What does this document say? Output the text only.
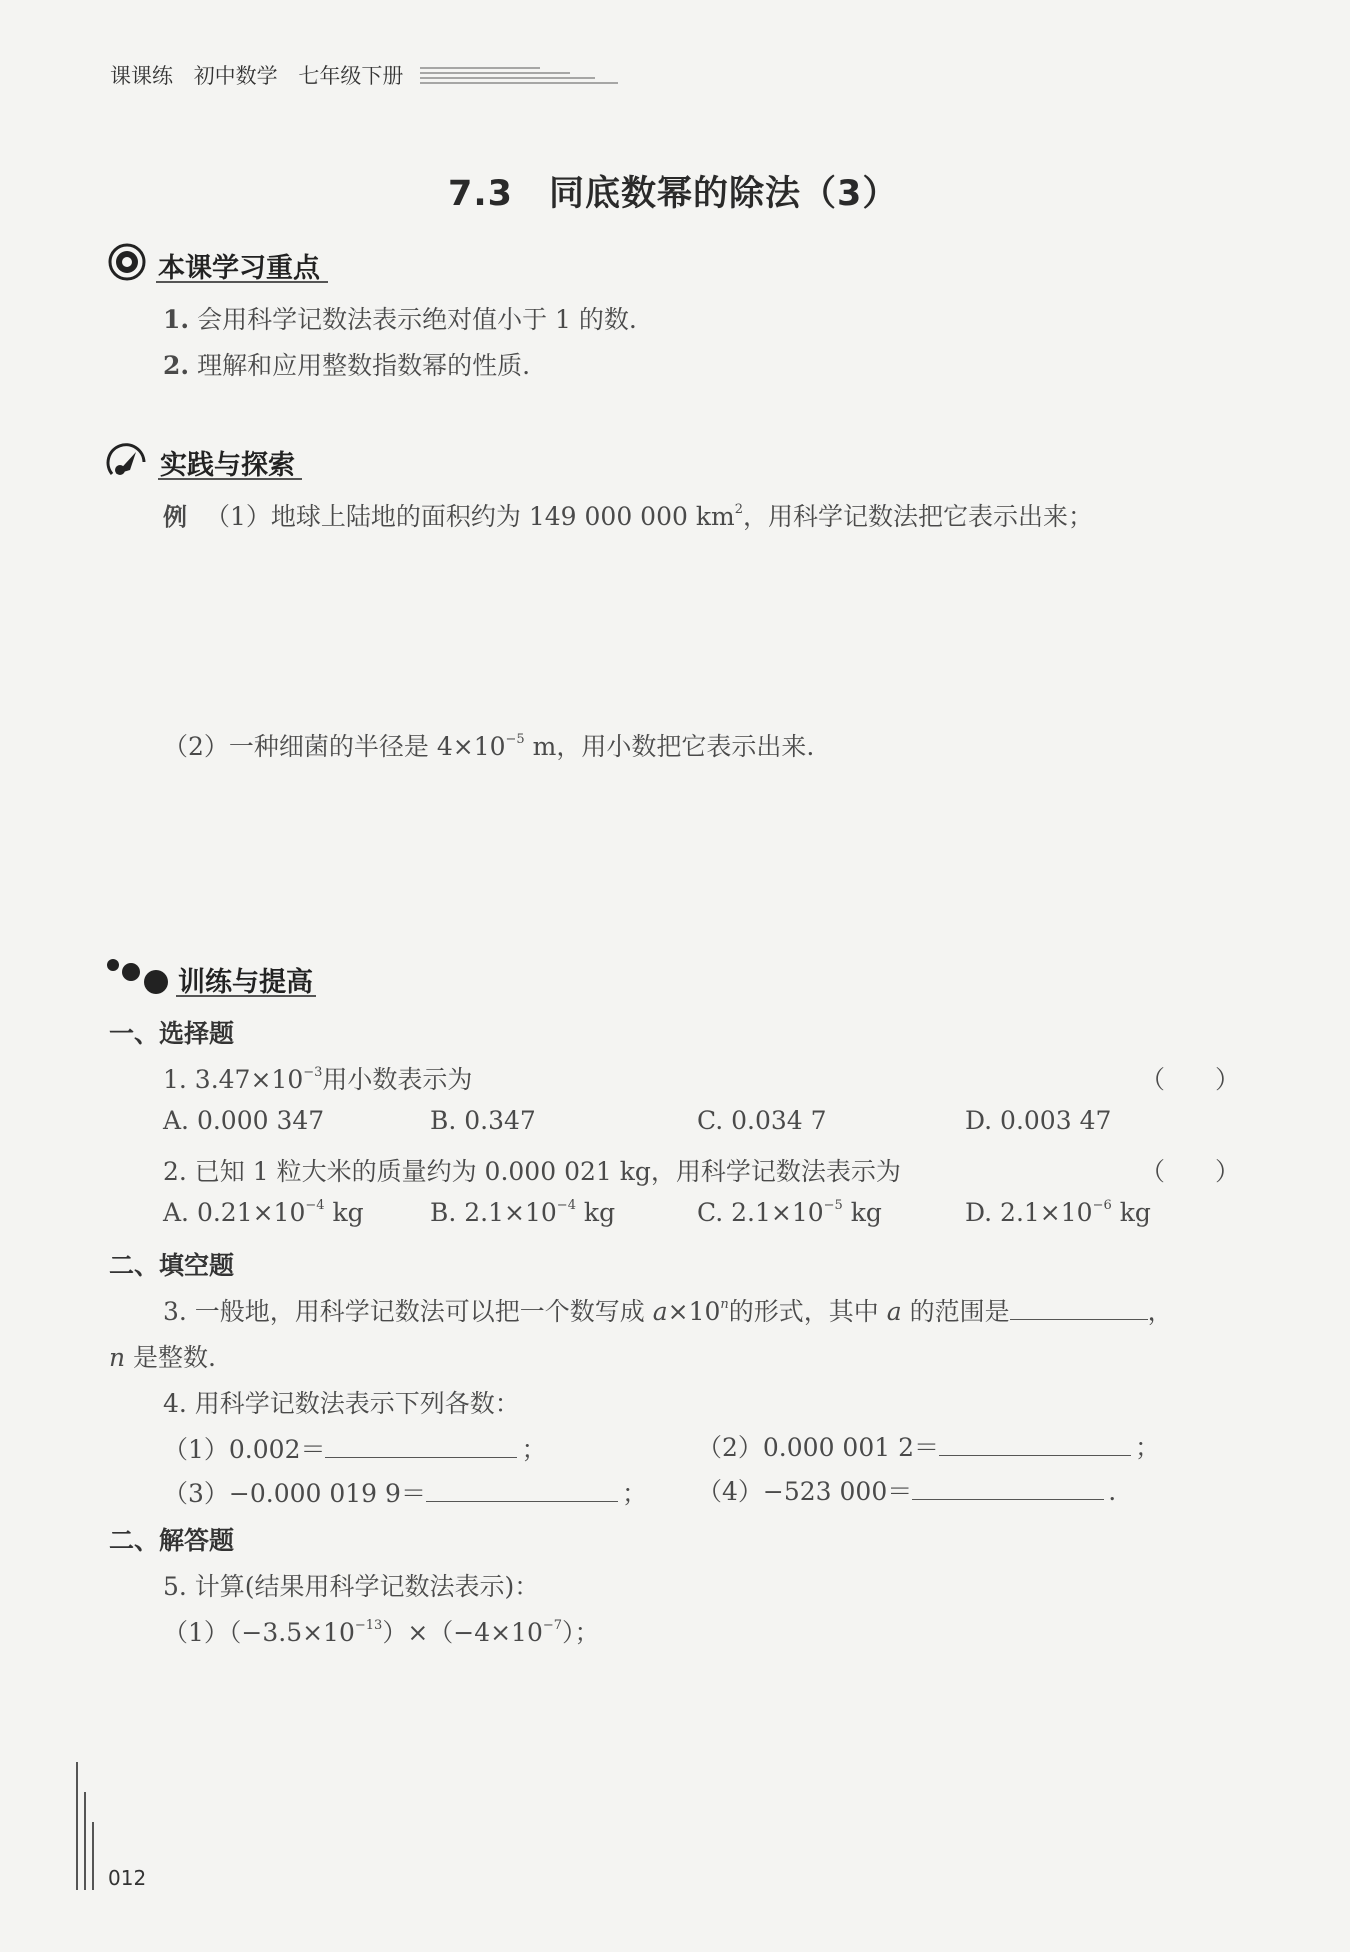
课课练 初中数学 七年级下册
7.3　同底数幂的除法（3）
本课学习重点
1. 会用科学记数法表示绝对值小于 1 的数.
2. 理解和应用整数指数幂的性质.
实践与探索
例 （1）地球上陆地的面积约为 149 000 000 $km^2$，用科学记数法把它表示出来；
（2）一种细菌的半径是 $4\times 10^{-5}$ m，用小数把它表示出来.
训练与提高
一、选择题
1. $3.47\times 10^{-3}$用小数表示为	（　　）
A. 0.000 347	B. 0.347	C. 0.034 7	D. 0.003 47
2. 已知 1 粒大米的质量约为 0.000 021 kg，用科学记数法表示为	（　　）
A. $0.21\times 10^{-4}$ kg	B. $2.1\times 10^{-4}$ kg	C. $2.1\times 10^{-5}$ kg	D. $2.1\times 10^{-6}$ kg
二、填空题
3. 一般地，用科学记数法可以把一个数写成 $a\times 10^n$的形式，其中 a 的范围是	，
n 是整数.
4. 用科学记数法表示下列各数：
（1）0.002＝	；	（2）0.000 001 2＝	；
（3）−0.000 019 9＝	； （4）−523 000＝	.
二、解答题
5. 计算(结果用科学记数法表示)：
$(1)(-3.5\times 10^{-13})\times(-4\times 10^{-7})$；
012
